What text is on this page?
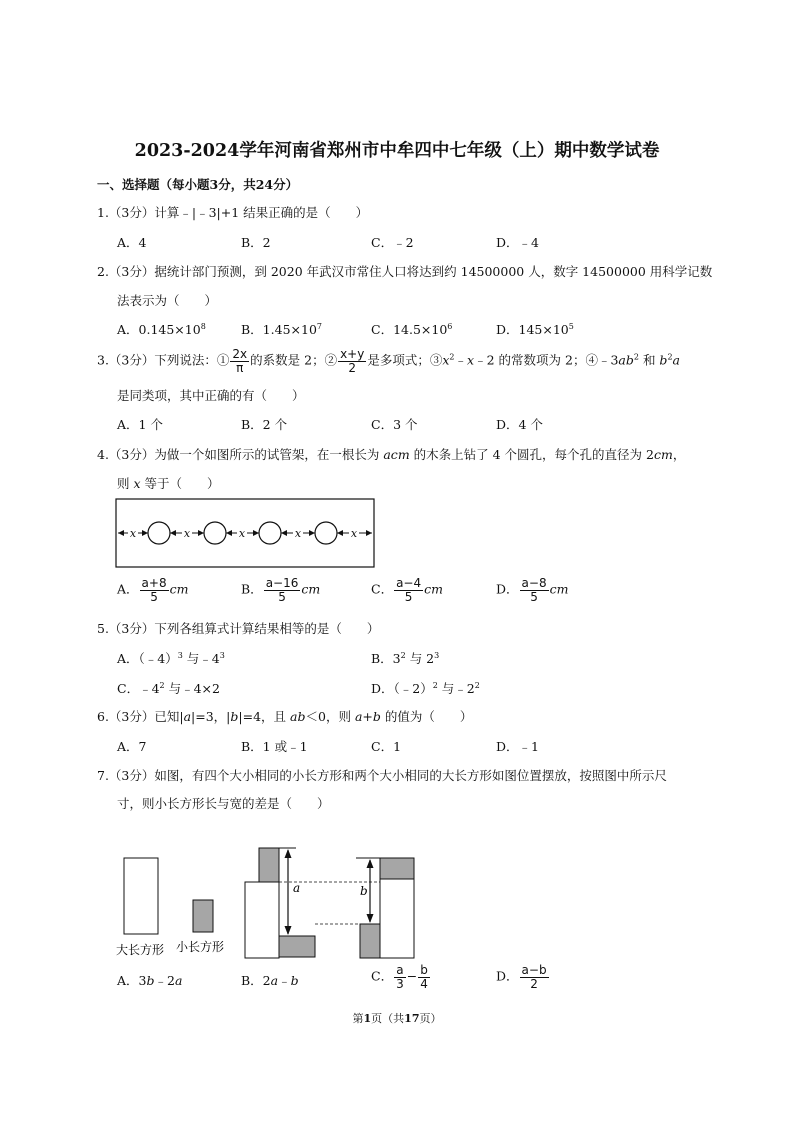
2023-2024学年河南省郑州市中牟四中七年级（上）期中数学试卷
一、选择题（每小题3分，共24分）
1.（3分）计算﹣|﹣3|+1 结果正确的是（　　）
A．4	B．2	C．﹣2	D．﹣4
2.（3分）据统计部门预测，到 2020 年武汉市常住人口将达到约 14500000 人，数字 14500000 用科学记数
法表示为（　　）
A．$0.145\times 10^8$	B．$1.45\times 10^7$	C．$14.5\times 10^6$	D．$145\times 10^5$
3.（3分）下列说法：① $\frac{2x}{\pi}$ 的系数是 2；② $\frac{x+y}{2}$ 是多项式；$③x^2﹣x﹣2$ 的常数项为 2；$④﹣3ab^2$ 和 $b^2a$
是同类项，其中正确的有（　　）
A．1 个	B．2 个	C．3 个	D．4 个
4.（3分）为做一个如图所示的试管架，在一根长为 acm 的木条上钻了 4 个圆孔，每个孔的直径为 2cm，
则 x 等于（　　）
x	x	x	x	x
A． $\frac{a+8}{5}$ cm	B． $\frac{a-16}{5}$ cm	C． $\frac{a-4}{5}$ cm	D． $\frac{a-8}{5}$ cm
5.（3分）下列各组算式计算结果相等的是（　　）
A．（﹣4）$^3$ 与$﹣4^3$	B．$3^2$ 与 $2^3$
C．$﹣4^2$ 与﹣4×2	D．（﹣2）$^2$ 与$﹣2^2$
6.（3分）已知|a|=3，|b|=4，且 ab＜0，则 a+b 的值为（　　）
A．7	B．1 或﹣1	C．1	D．﹣1
7.（3分）如图，有四个大小相同的小长方形和两个大小相同的大长方形如图位置摆放，按照图中所示尺
寸，则小长方形长与宽的差是（　　）
大长方形 小长方形
a	b
A．3b﹣2a	B．2a﹣b	C． $\frac{a}{3} - \frac{b}{4}$	D． $\frac{a-b}{2}$
第1页（共17页）
